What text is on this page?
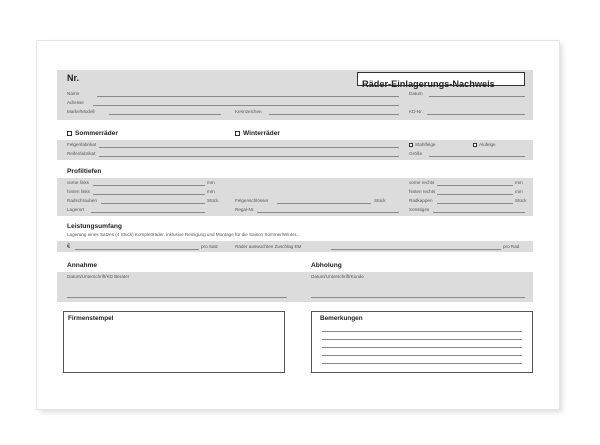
Nr.
Räder-Einlagerungs-Nachweis
Name	Datum
Adresse
Marke/Modell	Kennzeichen	KD-Nr.
Sommerräder	Winterräder
Felgenfabrikat	Stahlfelge	Alufelge
Reifenfabrikat	Größe
Profiltiefen
vorne links	mm	vorne rechts	mm
hinten links	mm	hinten rechts	mm
Radschrauben	Stück	Felgenschlösser	Stück	Radkappen	Stück
Lagerort	Regal-Nr.	Sonstiges
Leistungsumfang
Lagerung eines Satzes (4 Stück) Kompletträder, inklusive Reinigung und Montage für die Saison Sommer/Winter...
€	pro Satz	Räder auswuchten Zuschlag EM	pro Rad
Annahme	Abholung
Datum/Unterschrift/KD Berater	Datum/Unterschrift/Kunde
Firmenstempel	Bemerkungen
